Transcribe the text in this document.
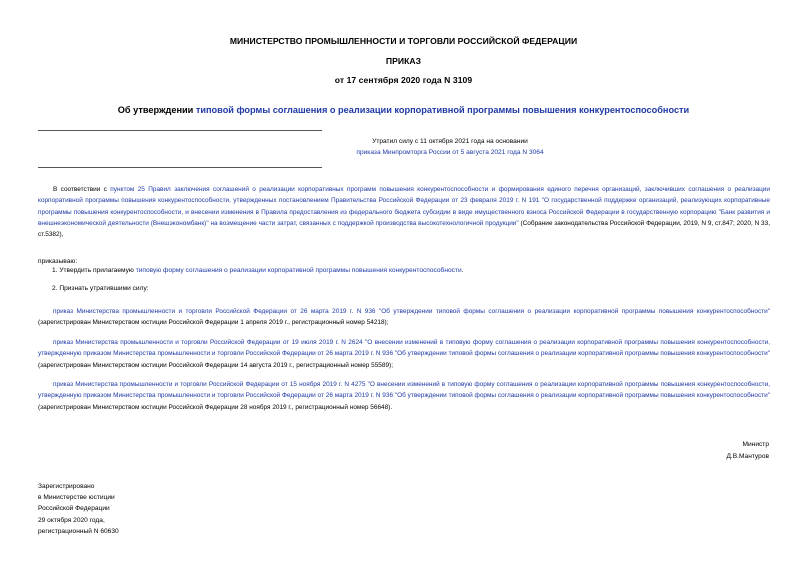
МИНИСТЕРСТВО ПРОМЫШЛЕННОСТИ И ТОРГОВЛИ РОССИЙСКОЙ ФЕДЕРАЦИИ
ПРИКАЗ
от 17 сентября 2020 года N 3109
Об утверждении типовой формы соглашения о реализации корпоративной программы повышения конкурентоспособности
Утратил силу с 11 октября 2021 года на основании
приказа Минпромторга России от 5 августа 2021 года N 3064
В соответствии с пунктом 25 Правил заключения соглашений о реализации корпоративных программ повышения конкурентоспособности и формирования единого перечня организаций, заключивших соглашения о реализации корпоративной программы повышения конкурентоспособности, утвержденных постановлением Правительства Российской Федерации от 23 февраля 2019 г. N 191 "О государственной поддержке организаций, реализующих корпоративные программы повышения конкурентоспособности, и внесении изменения в Правила предоставления из федерального бюджета субсидии в виде имущественного взноса Российской Федерации в государственную корпорацию "Банк развития и внешнеэкономической деятельности (Внешэкономбанк)" на возмещение части затрат, связанных с поддержкой производства высокотехнологичной продукции" (Собрание законодательства Российской Федерации, 2019, N 9, ст.847; 2020, N 33, ст.5382),
приказываю:
1. Утвердить прилагаемую типовую форму соглашения о реализации корпоративной программы повышения конкурентоспособности.
2. Признать утратившими силу:
приказ Министерства промышленности и торговли Российской Федерации от 26 марта 2019 г. N 936 "Об утверждении типовой формы соглашения о реализации корпоративной программы повышения конкурентоспособности" (зарегистрирован Министерством юстиции Российской Федерации 1 апреля 2019 г., регистрационный номер 54218);
приказ Министерства промышленности и торговли Российской Федерации от 19 июля 2019 г. N 2624 "О внесении изменений в типовую форму соглашения о реализации корпоративной программы повышения конкурентоспособности, утвержденную приказом Министерства промышленности и торговли Российской Федерации от 26 марта 2019 г. N 936 "Об утверждении типовой формы соглашения о реализации корпоративной программы повышения конкурентоспособности" (зарегистрирован Министерством юстиции Российской Федерации 14 августа 2019 г., регистрационный номер 55589);
приказ Министерства промышленности и торговли Российской Федерации от 15 ноября 2019 г. N 4275 "О внесении изменений в типовую форму соглашения о реализации корпоративной программы повышения конкурентоспособности, утвержденную приказом Министерства промышленности и торговли Российской Федерации от 26 марта 2019 г. N 936 "Об утверждении типовой формы соглашения о реализации корпоративной программы повышения конкурентоспособности" (зарегистрирован Министерством юстиции Российской Федерации 28 ноября 2019 г., регистрационный номер 56648).
Министр
Д.В.Мантуров
Зарегистрировано
в Министерстве юстиции
Российской Федерации
29 октября 2020 года,
регистрационный N 60630
